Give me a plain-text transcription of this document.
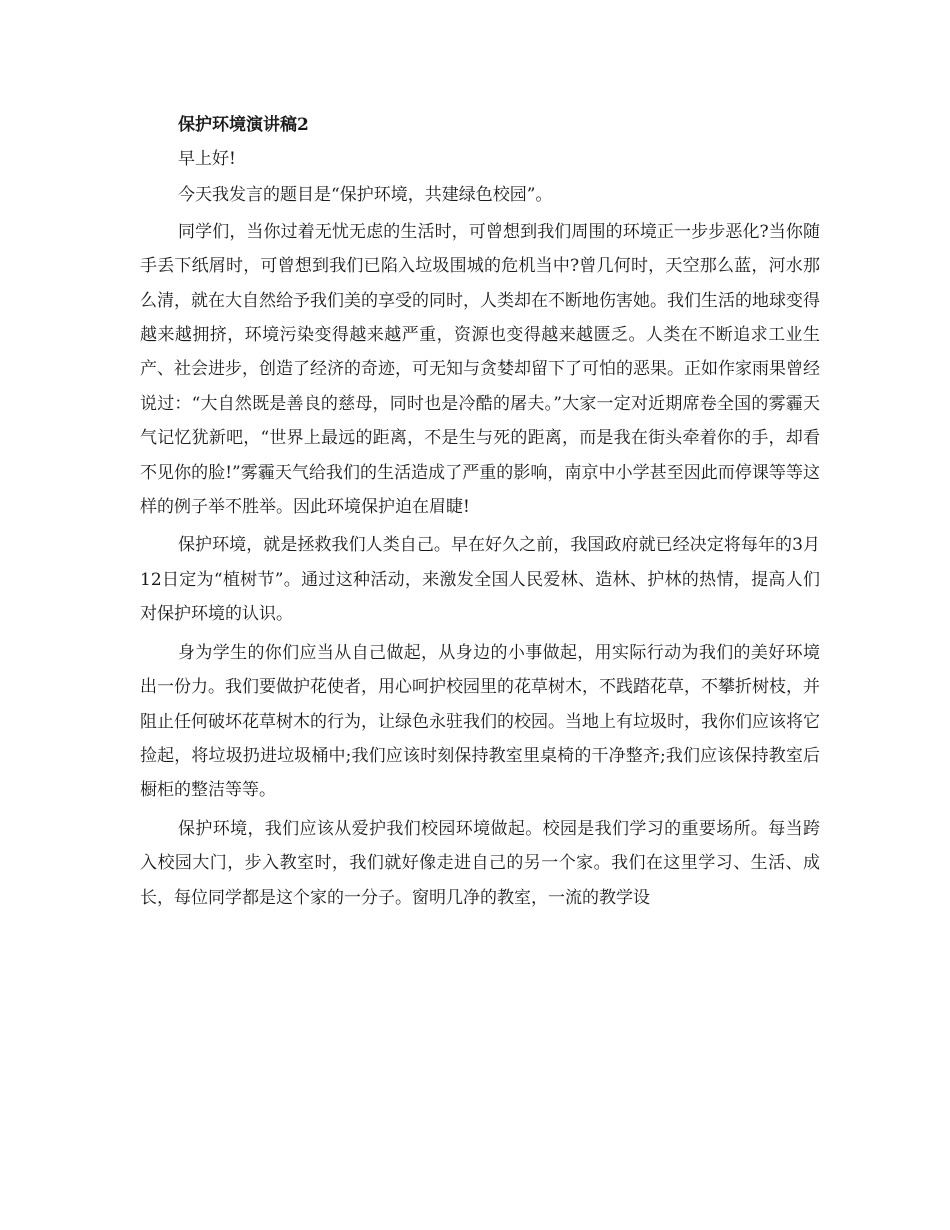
保护环境演讲稿2

早上好!

今天我发言的题目是“保护环境，共建绿色校园”。

同学们，当你过着无忧无虑的生活时，可曾想到我们周围的环境正一步步恶化?当你随手丢下纸屑时，可曾想到我们已陷入垃圾围城的危机当中?曾几何时，天空那么蓝，河水那么清，就在大自然给予我们美的享受的同时，人类却在不断地伤害她。我们生活的地球变得越来越拥挤，环境污染变得越来越严重，资源也变得越来越匮乏。人类在不断追求工业生产、社会进步，创造了经济的奇迹，可无知与贪婪却留下了可怕的恶果。正如作家雨果曾经说过：“大自然既是善良的慈母，同时也是冷酷的屠夫。”大家一定对近期席卷全国的雾霾天气记忆犹新吧，“世界上最远的距离，不是生与死的距离，而是我在街头牵着你的手，却看不见你的脸!”雾霾天气给我们的生活造成了严重的影响，南京中小学甚至因此而停课等等这样的例子举不胜举。因此环境保护迫在眉睫!

保护环境，就是拯救我们人类自己。早在好久之前，我国政府就已经决定将每年的3月12日定为“植树节”。通过这种活动，来激发全国人民爱林、造林、护林的热情，提高人们对保护环境的认识。

身为学生的你们应当从自己做起，从身边的小事做起，用实际行动为我们的美好环境出一份力。我们要做护花使者，用心呵护校园里的花草树木，不践踏花草，不攀折树枝，并阻止任何破坏花草树木的行为，让绿色永驻我们的校园。当地上有垃圾时，我你们应该将它捡起，将垃圾扔进垃圾桶中;我们应该时刻保持教室里桌椅的干净整齐;我们应该保持教室后橱柜的整洁等等。

保护环境，我们应该从爱护我们校园环境做起。校园是我们学习的重要场所。每当跨入校园大门，步入教室时，我们就好像走进自己的另一个家。我们在这里学习、生活、成长，每位同学都是这个家的一分子。窗明几净的教室，一流的教学设
